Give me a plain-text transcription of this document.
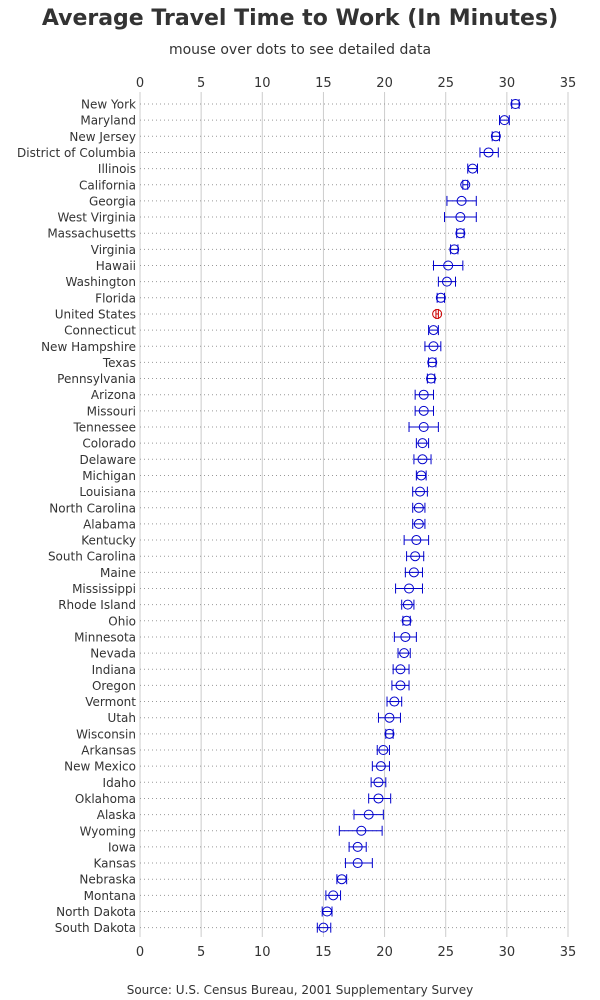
Average Travel Time to Work (In Minutes)
mouse over dots to see detailed data
0
0
5
5
10
10
15
15
20
20
25
25
30
30
35
35
New York
Maryland
New Jersey
District of Columbia
Illinois
California
Georgia
West Virginia
Massachusetts
Virginia
Hawaii
Washington
Florida
United States
Connecticut
New Hampshire
Texas
Pennsylvania
Arizona
Missouri
Tennessee
Colorado
Delaware
Michigan
Louisiana
North Carolina
Alabama
Kentucky
South Carolina
Maine
Mississippi
Rhode Island
Ohio
Minnesota
Nevada
Indiana
Oregon
Vermont
Utah
Wisconsin
Arkansas
New Mexico
Idaho
Oklahoma
Alaska
Wyoming
Iowa
Kansas
Nebraska
Montana
North Dakota
South Dakota
Source: U.S. Census Bureau, 2001 Supplementary Survey
